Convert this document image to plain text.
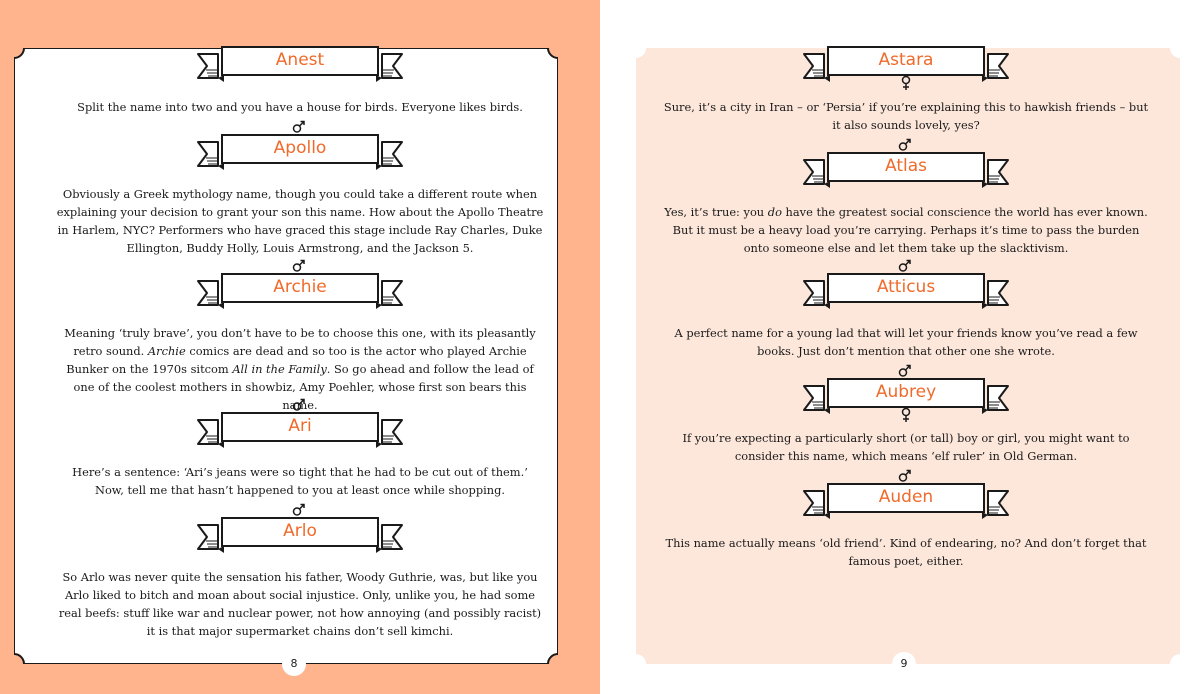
Anest

Split the name into two and you have a house for birds. Everyone likes birds.

Apollo

Obviously a Greek mythology name, though you could take a different route when explaining your decision to grant your son this name. How about the Apollo Theatre in Harlem, NYC? Performers who have graced this stage include Ray Charles, Duke Ellington, Buddy Holly, Louis Armstrong, and the Jackson 5.

Archie

Meaning ‘truly brave’, you don’t have to be to choose this one, with its pleasantly retro sound. Archie comics are dead and so too is the actor who played Archie Bunker on the 1970s sitcom All in the Family. So go ahead and follow the lead of one of the coolest mothers in showbiz, Amy Poehler, whose first son bears this name.

Ari

Here’s a sentence: ‘Ari’s jeans were so tight that he had to be cut out of them.’ Now, tell me that hasn’t happened to you at least once while shopping.

Arlo

So Arlo was never quite the sensation his father, Woody Guthrie, was, but like you Arlo liked to bitch and moan about social injustice. Only, unlike you, he had some real beefs: stuff like war and nuclear power, not how annoying (and possibly racist) it is that major supermarket chains don’t sell kimchi.

8
Astara

Sure, it’s a city in Iran – or ‘Persia’ if you’re explaining this to hawkish friends – but it also sounds lovely, yes?

Atlas

Yes, it’s true: you do have the greatest social conscience the world has ever known. But it must be a heavy load you’re carrying. Perhaps it’s time to pass the burden onto someone else and let them take up the slacktivism.

Atticus

A perfect name for a young lad that will let your friends know you’ve read a few books. Just don’t mention that other one she wrote.

Aubrey

If you’re expecting a particularly short (or tall) boy or girl, you might want to consider this name, which means ‘elf ruler’ in Old German.

Auden

This name actually means ‘old friend’. Kind of endearing, no? And don’t forget that famous poet, either.

9
